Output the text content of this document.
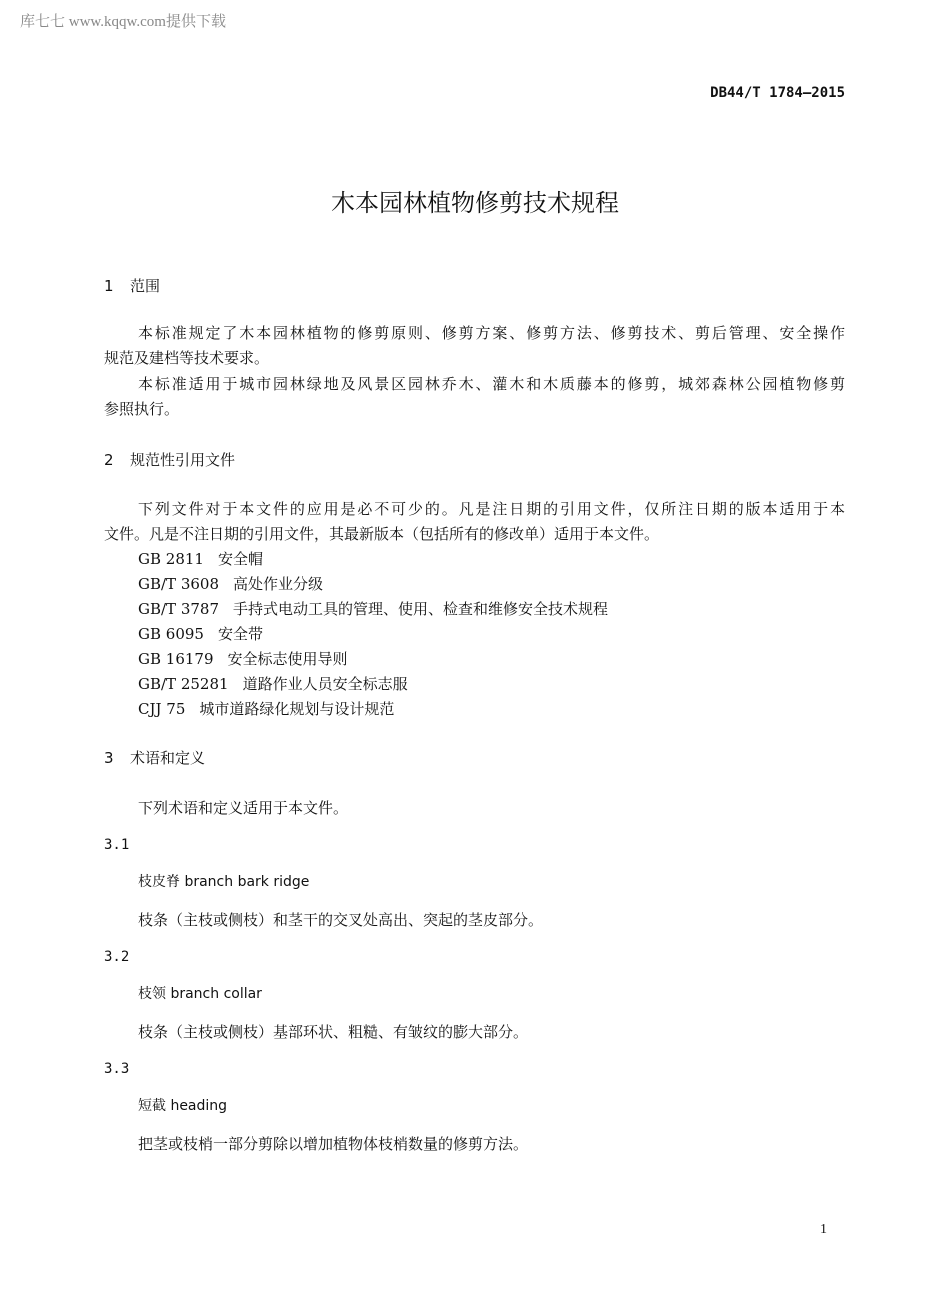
库七七 www.kqqw.com提供下载
DB44/T 1784—2015
木本园林植物修剪技术规程
1 范围
本标准规定了木本园林植物的修剪原则、修剪方案、修剪方法、修剪技术、剪后管理、安全操作
规范及建档等技术要求。
本标准适用于城市园林绿地及风景区园林乔木、灌木和木质藤本的修剪，城郊森林公园植物修剪
参照执行。
2 规范性引用文件
下列文件对于本文件的应用是必不可少的。凡是注日期的引用文件，仅所注日期的版本适用于本
文件。凡是不注日期的引用文件，其最新版本（包括所有的修改单）适用于本文件。
GB 2811 安全帽
GB/T 3608 高处作业分级
GB/T 3787 手持式电动工具的管理、使用、检查和维修安全技术规程
GB 6095 安全带
GB 16179 安全标志使用导则
GB/T 25281 道路作业人员安全标志服
CJJ 75 城市道路绿化规划与设计规范
3 术语和定义
下列术语和定义适用于本文件。
3.1
枝皮脊 branch bark ridge
枝条（主枝或侧枝）和茎干的交叉处高出、突起的茎皮部分。
3.2
枝领 branch collar
枝条（主枝或侧枝）基部环状、粗糙、有皱纹的膨大部分。
3.3
短截 heading
把茎或枝梢一部分剪除以增加植物体枝梢数量的修剪方法。
1
